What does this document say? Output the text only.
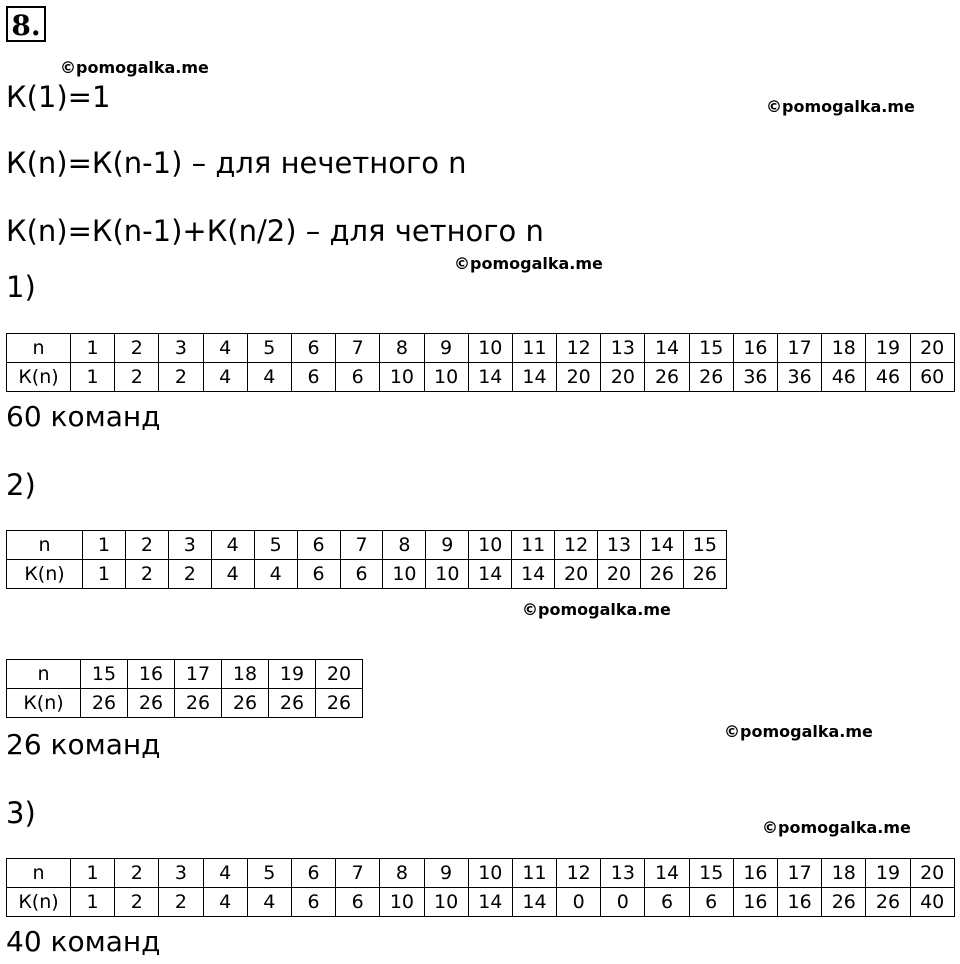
8.
©pomogalka.me
©pomogalka.me
©pomogalka.me
©pomogalka.me
©pomogalka.me
©pomogalka.me
К(1)=1
К(n)=К(n-1) – для нечетного n
К(n)=К(n-1)+К(n/2) – для четного n
1)
n	1	2	3	4	5	6	7	8	9	10	11	12	13	14	15	16	17	18	19	20
К(n)	1	2	2	4	4	6	6	10	10	14	14	20	20	26	26	36	36	46	46	60
60 команд
2)
n	1	2	3	4	5	6	7	8	9	10	11	12	13	14	15
К(n)	1	2	2	4	4	6	6	10	10	14	14	20	20	26	26
n	15	16	17	18	19	20
К(n)	26	26	26	26	26	26
26 команд
3)
n	1	2	3	4	5	6	7	8	9	10	11	12	13	14	15	16	17	18	19	20
К(n)	1	2	2	4	4	6	6	10	10	14	14	0	0	6	6	16	16	26	26	40
40 команд
